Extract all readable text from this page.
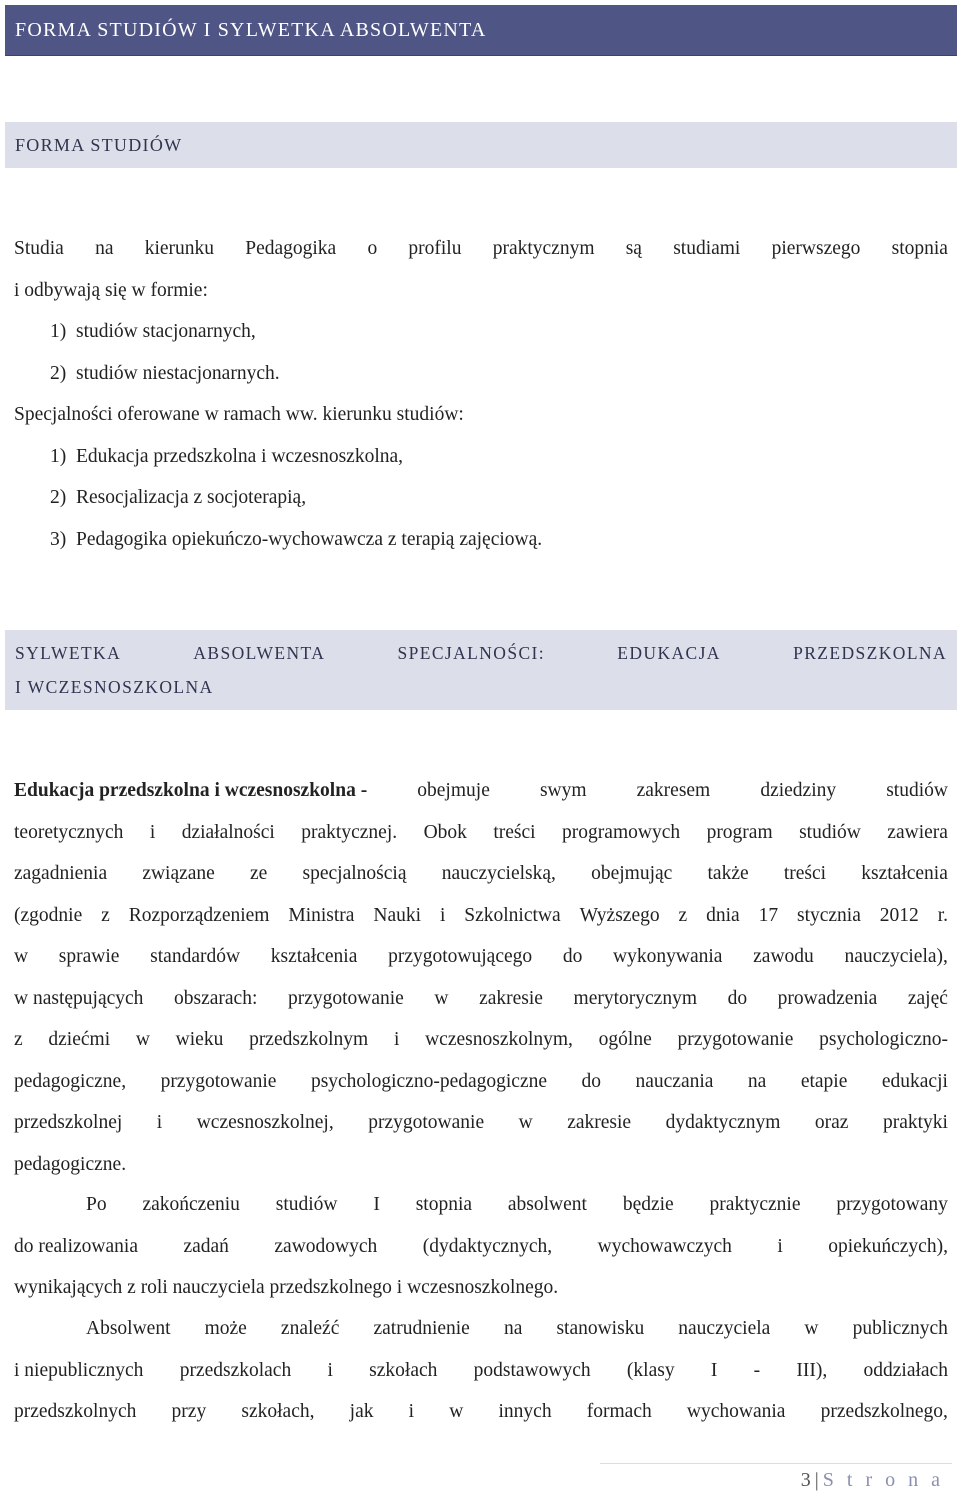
FORMA STUDIÓW I SYLWETKA ABSOLWENTA
FORMA STUDIÓW
Studia na kierunku Pedagogika o profilu praktycznym są studiami pierwszego stopnia
i odbywają się w formie:
1)  studiów stacjonarnych,
2)  studiów niestacjonarnych.
Specjalności oferowane w ramach ww. kierunku studiów:
1)  Edukacja przedszkolna i wczesnoszkolna,
2)  Resocjalizacja z socjoterapią,
3)  Pedagogika opiekuńczo-wychowawcza z terapią zajęciową.
SYLWETKA	ABSOLWENTA	SPECJALNOŚCI:	EDUKACJA	PRZEDSZKOLNA
I WCZESNOSZKOLNA
Edukacja przedszkolna i wczesnoszkolna -	obejmuje	swym	zakresem	dziedziny	studiów
teoretycznych i działalności praktycznej. Obok treści programowych program studiów zawiera
zagadnienia związane ze specjalnością nauczycielską, obejmując także treści kształcenia
(zgodnie z Rozporządzeniem Ministra Nauki i Szkolnictwa Wyższego z dnia 17 stycznia 2012 r.
w sprawie standardów kształcenia przygotowującego do wykonywania zawodu nauczyciela),
w następujących obszarach: przygotowanie w zakresie merytorycznym do prowadzenia zajęć
z dziećmi w wieku przedszkolnym i wczesnoszkolnym, ogólne przygotowanie psychologiczno-
pedagogiczne, przygotowanie psychologiczno-pedagogiczne do nauczania na etapie edukacji
przedszkolnej i wczesnoszkolnej, przygotowanie w zakresie dydaktycznym oraz praktyki
pedagogiczne.
Po zakończeniu studiów I stopnia absolwent będzie praktycznie przygotowany
do realizowania zadań zawodowych (dydaktycznych, wychowawczych i opiekuńczych),
wynikających z roli nauczyciela przedszkolnego i wczesnoszkolnego.
Absolwent może znaleźć zatrudnienie na stanowisku nauczyciela w publicznych
i niepublicznych przedszkolach i szkołach podstawowych (klasy I - III), oddziałach
przedszkolnych przy szkołach, jak i w innych formach wychowania przedszkolnego,
3 | S t r o n a
